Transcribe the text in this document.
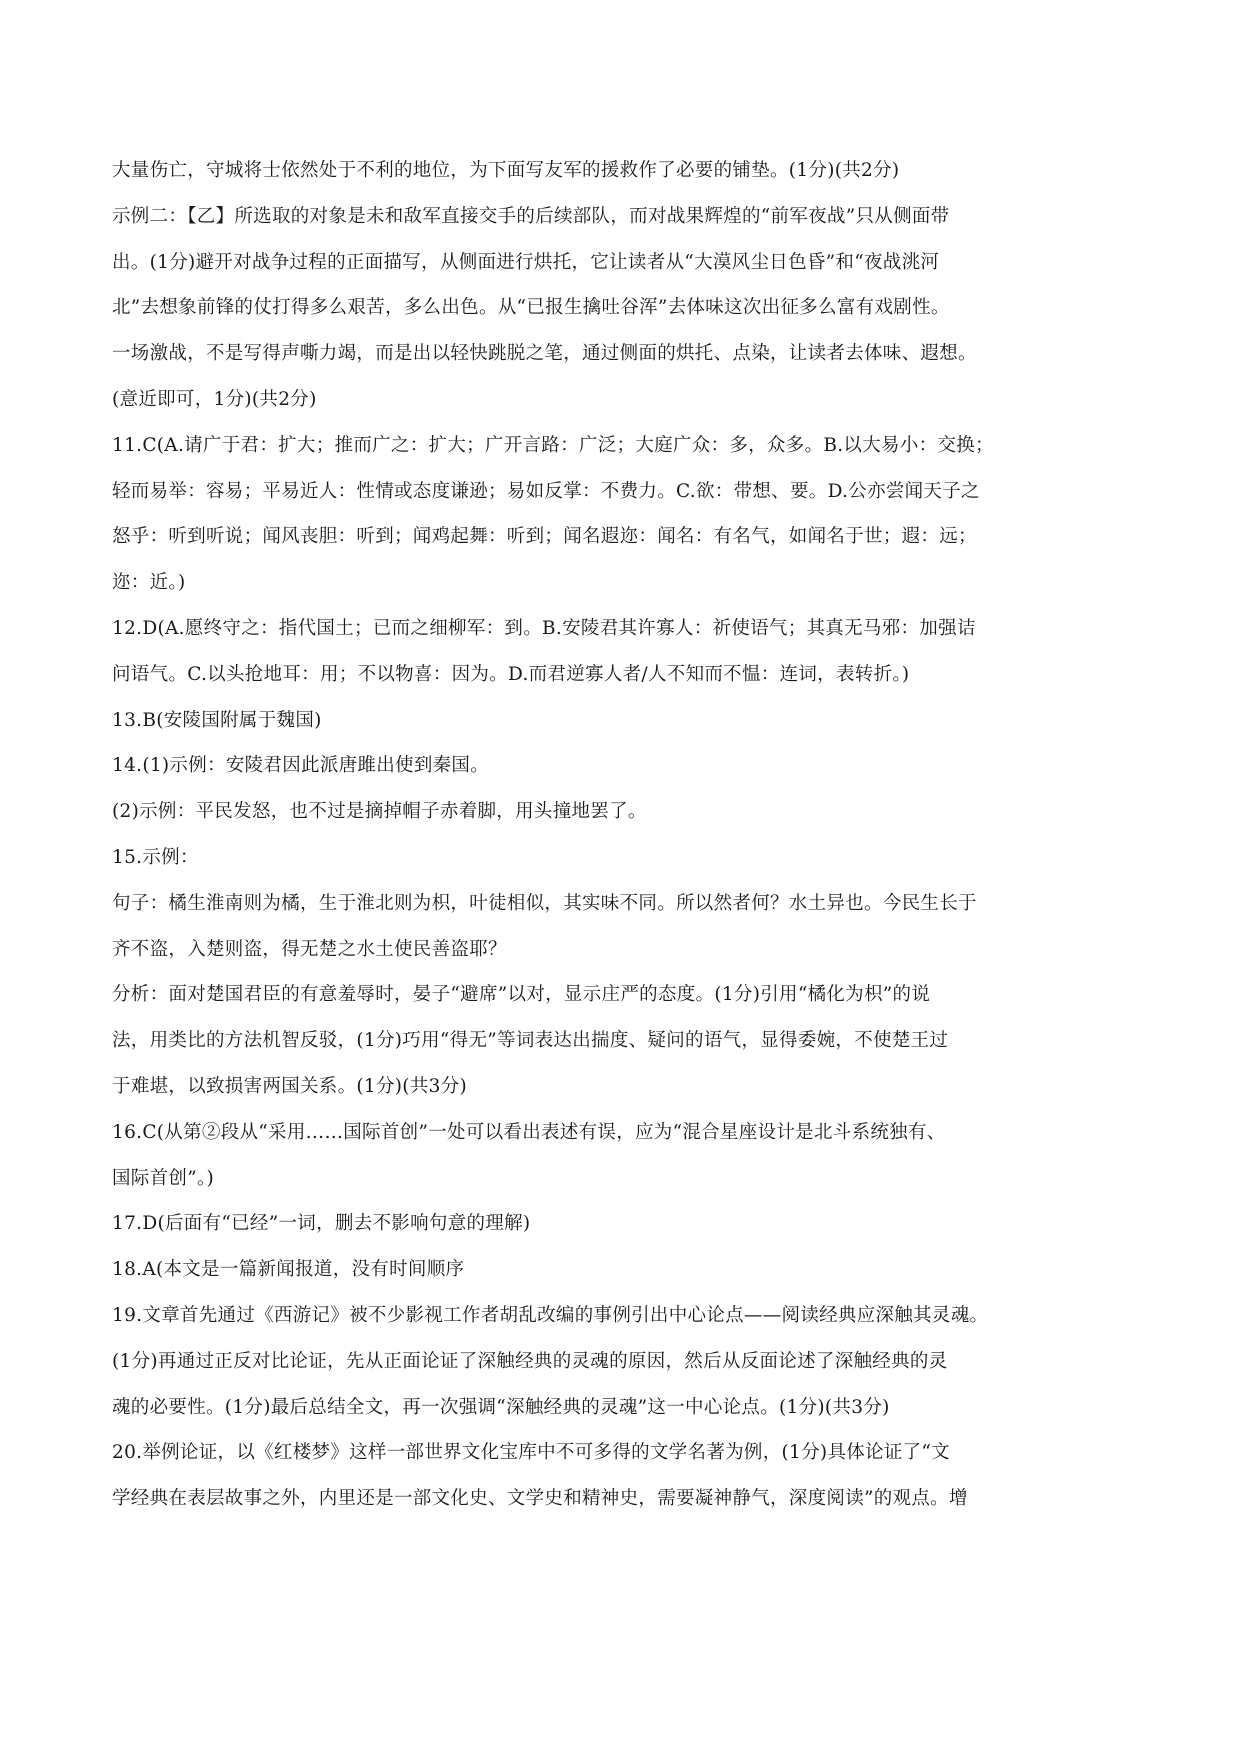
大量伤亡，守城将士依然处于不利的地位，为下面写友军的援救作了必要的铺垫。(1分)(共2分)
示例二：【乙】所选取的对象是未和敌军直接交手的后续部队，而对战果辉煌的“前军夜战”只从侧面带
出。(1分)避开对战争过程的正面描写，从侧面进行烘托，它让读者从“大漠风尘日色昏”和“夜战洮河
北”去想象前锋的仗打得多么艰苦，多么出色。从“已报生擒吐谷浑”去体味这次出征多么富有戏剧性。
一场激战，不是写得声嘶力竭，而是出以轻快跳脱之笔，通过侧面的烘托、点染，让读者去体味、遐想。
(意近即可，1分)(共2分)
11.C(A.请广于君：扩大；推而广之：扩大；广开言路：广泛；大庭广众：多，众多。B.以大易小：交换；
轻而易举：容易；平易近人：性情或态度谦逊；易如反掌：不费力。C.欲：带想、要。D.公亦尝闻天子之
怒乎：听到听说；闻风丧胆：听到；闻鸡起舞：听到；闻名遐迩：闻名：有名气，如闻名于世；遐：远；
迩：近。)
12.D(A.愿终守之：指代国土；已而之细柳军：到。B.安陵君其许寡人：祈使语气；其真无马邪：加强诘
问语气。C.以头抢地耳：用；不以物喜：因为。D.而君逆寡人者/人不知而不愠：连词，表转折。)
13.B(安陵国附属于魏国)
14.(1)示例：安陵君因此派唐雎出使到秦国。
(2)示例：平民发怒，也不过是摘掉帽子赤着脚，用头撞地罢了。
15.示例：
句子：橘生淮南则为橘，生于淮北则为枳，叶徒相似，其实味不同。所以然者何？水土异也。今民生长于
齐不盗，入楚则盗，得无楚之水土使民善盗耶？
分析：面对楚国君臣的有意羞辱时，晏子“避席”以对，显示庄严的态度。(1分)引用“橘化为枳”的说
法，用类比的方法机智反驳，(1分)巧用“得无”等词表达出揣度、疑问的语气，显得委婉，不使楚王过
于难堪，以致损害两国关系。(1分)(共3分)
16.C(从第②段从“采用……国际首创”一处可以看出表述有误，应为“混合星座设计是北斗系统独有、
国际首创”。)
17.D(后面有“已经”一词，删去不影响句意的理解)
18.A(本文是一篇新闻报道，没有时间顺序
19.文章首先通过《西游记》被不少影视工作者胡乱改编的事例引出中心论点——阅读经典应深触其灵魂。
(1分)再通过正反对比论证，先从正面论证了深触经典的灵魂的原因，然后从反面论述了深触经典的灵
魂的必要性。(1分)最后总结全文，再一次强调“深触经典的灵魂”这一中心论点。(1分)(共3分)
20.举例论证，以《红楼梦》这样一部世界文化宝库中不可多得的文学名著为例，(1分)具体论证了“文
学经典在表层故事之外，内里还是一部文化史、文学史和精神史，需要凝神静气，深度阅读”的观点。增
